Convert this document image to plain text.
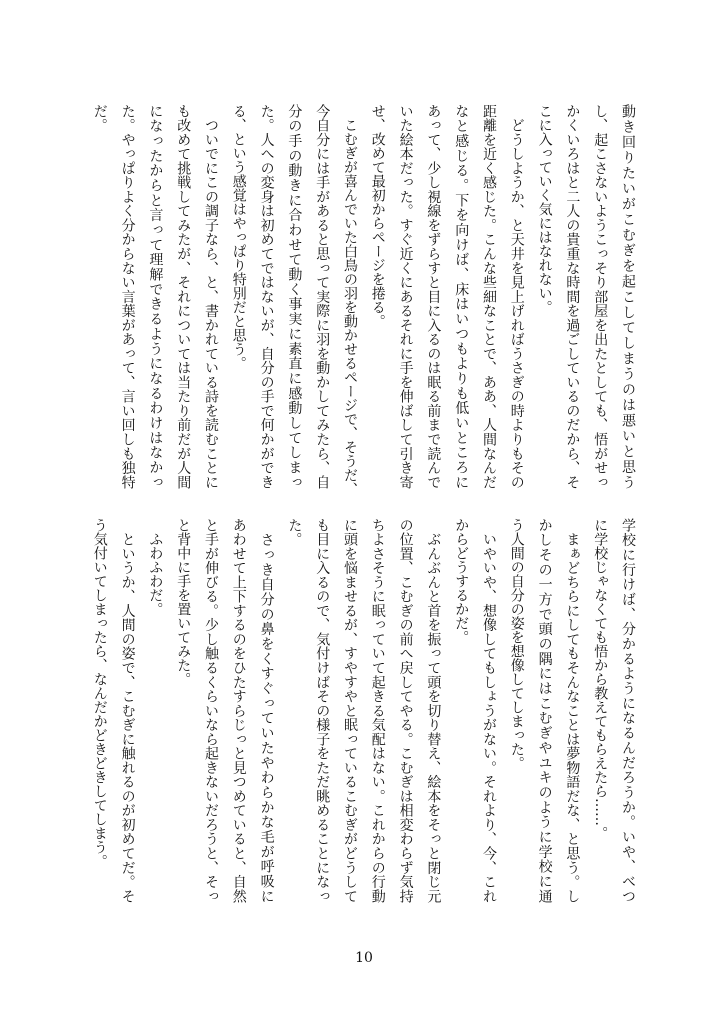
動き回りたいがこむぎを起こしてしまうのは悪いと思う
し、起こさないようこっそり部屋を出たとしても、悟がせっ
かくいろはと二人の貴重な時間を過ごしているのだから、そ
こに入っていく気にはなれない。
　どうしようか、と天井を見上げればうさぎの時よりもその
距離を近く感じた。こんな些細なことで、ああ、人間なんだ
なと感じる。下を向けば、床はいつもよりも低いところに
あって、少し視線をずらすと目に入るのは眠る前まで読んで
いた絵本だった。すぐ近くにあるそれに手を伸ばして引き寄
せ、改めて最初からページを捲る。
　こむぎが喜んでいた白鳥の羽を動かせるページで、そうだ、
今自分には手があると思って実際に羽を動かしてみたら、自
分の手の動きに合わせて動く事実に素直に感動してしまっ
た。人への変身は初めてではないが、自分の手で何かができ
る、という感覚はやっぱり特別だと思う。
　ついでにこの調子なら、と、書かれている詩を読むことに
も改めて挑戦してみたが、それについては当たり前だが人間
になったからと言って理解できるようになるわけはなかっ
た。やっぱりよく分からない言葉があって、言い回しも独特
だ。
学校に行けば、分かるようになるんだろうか。いや、べつ
に学校じゃなくても悟から教えてもらえたら……。
　まぁどちらにしてもそんなことは夢物語だな、と思う。し
かしその一方で頭の隅にはこむぎやユキのように学校に通
う人間の自分の姿を想像してしまった。
　いやいや、想像してもしょうがない。それより、今、これ
からどうするかだ。
　ぶんぶんと首を振って頭を切り替え、絵本をそっと閉じ元
の位置、こむぎの前へ戻してやる。こむぎは相変わらず気持
ちよさそうに眠っていて起きる気配はない。これからの行動
に頭を悩ませるが、すやすやと眠っているこむぎがどうして
も目に入るので、気付けばその様子をただ眺めることになっ
た。
　さっき自分の鼻をくすぐっていたやわらかな毛が呼吸に
あわせて上下するのをひたすらじっと見つめていると、自然
と手が伸びる。少し触るくらいなら起きないだろうと、そっ
と背中に手を置いてみた。
　ふわふわだ。
　というか、人間の姿で、こむぎに触れるのが初めてだ。そ
う気付いてしまったら、なんだかどきどきしてしまう。
10
